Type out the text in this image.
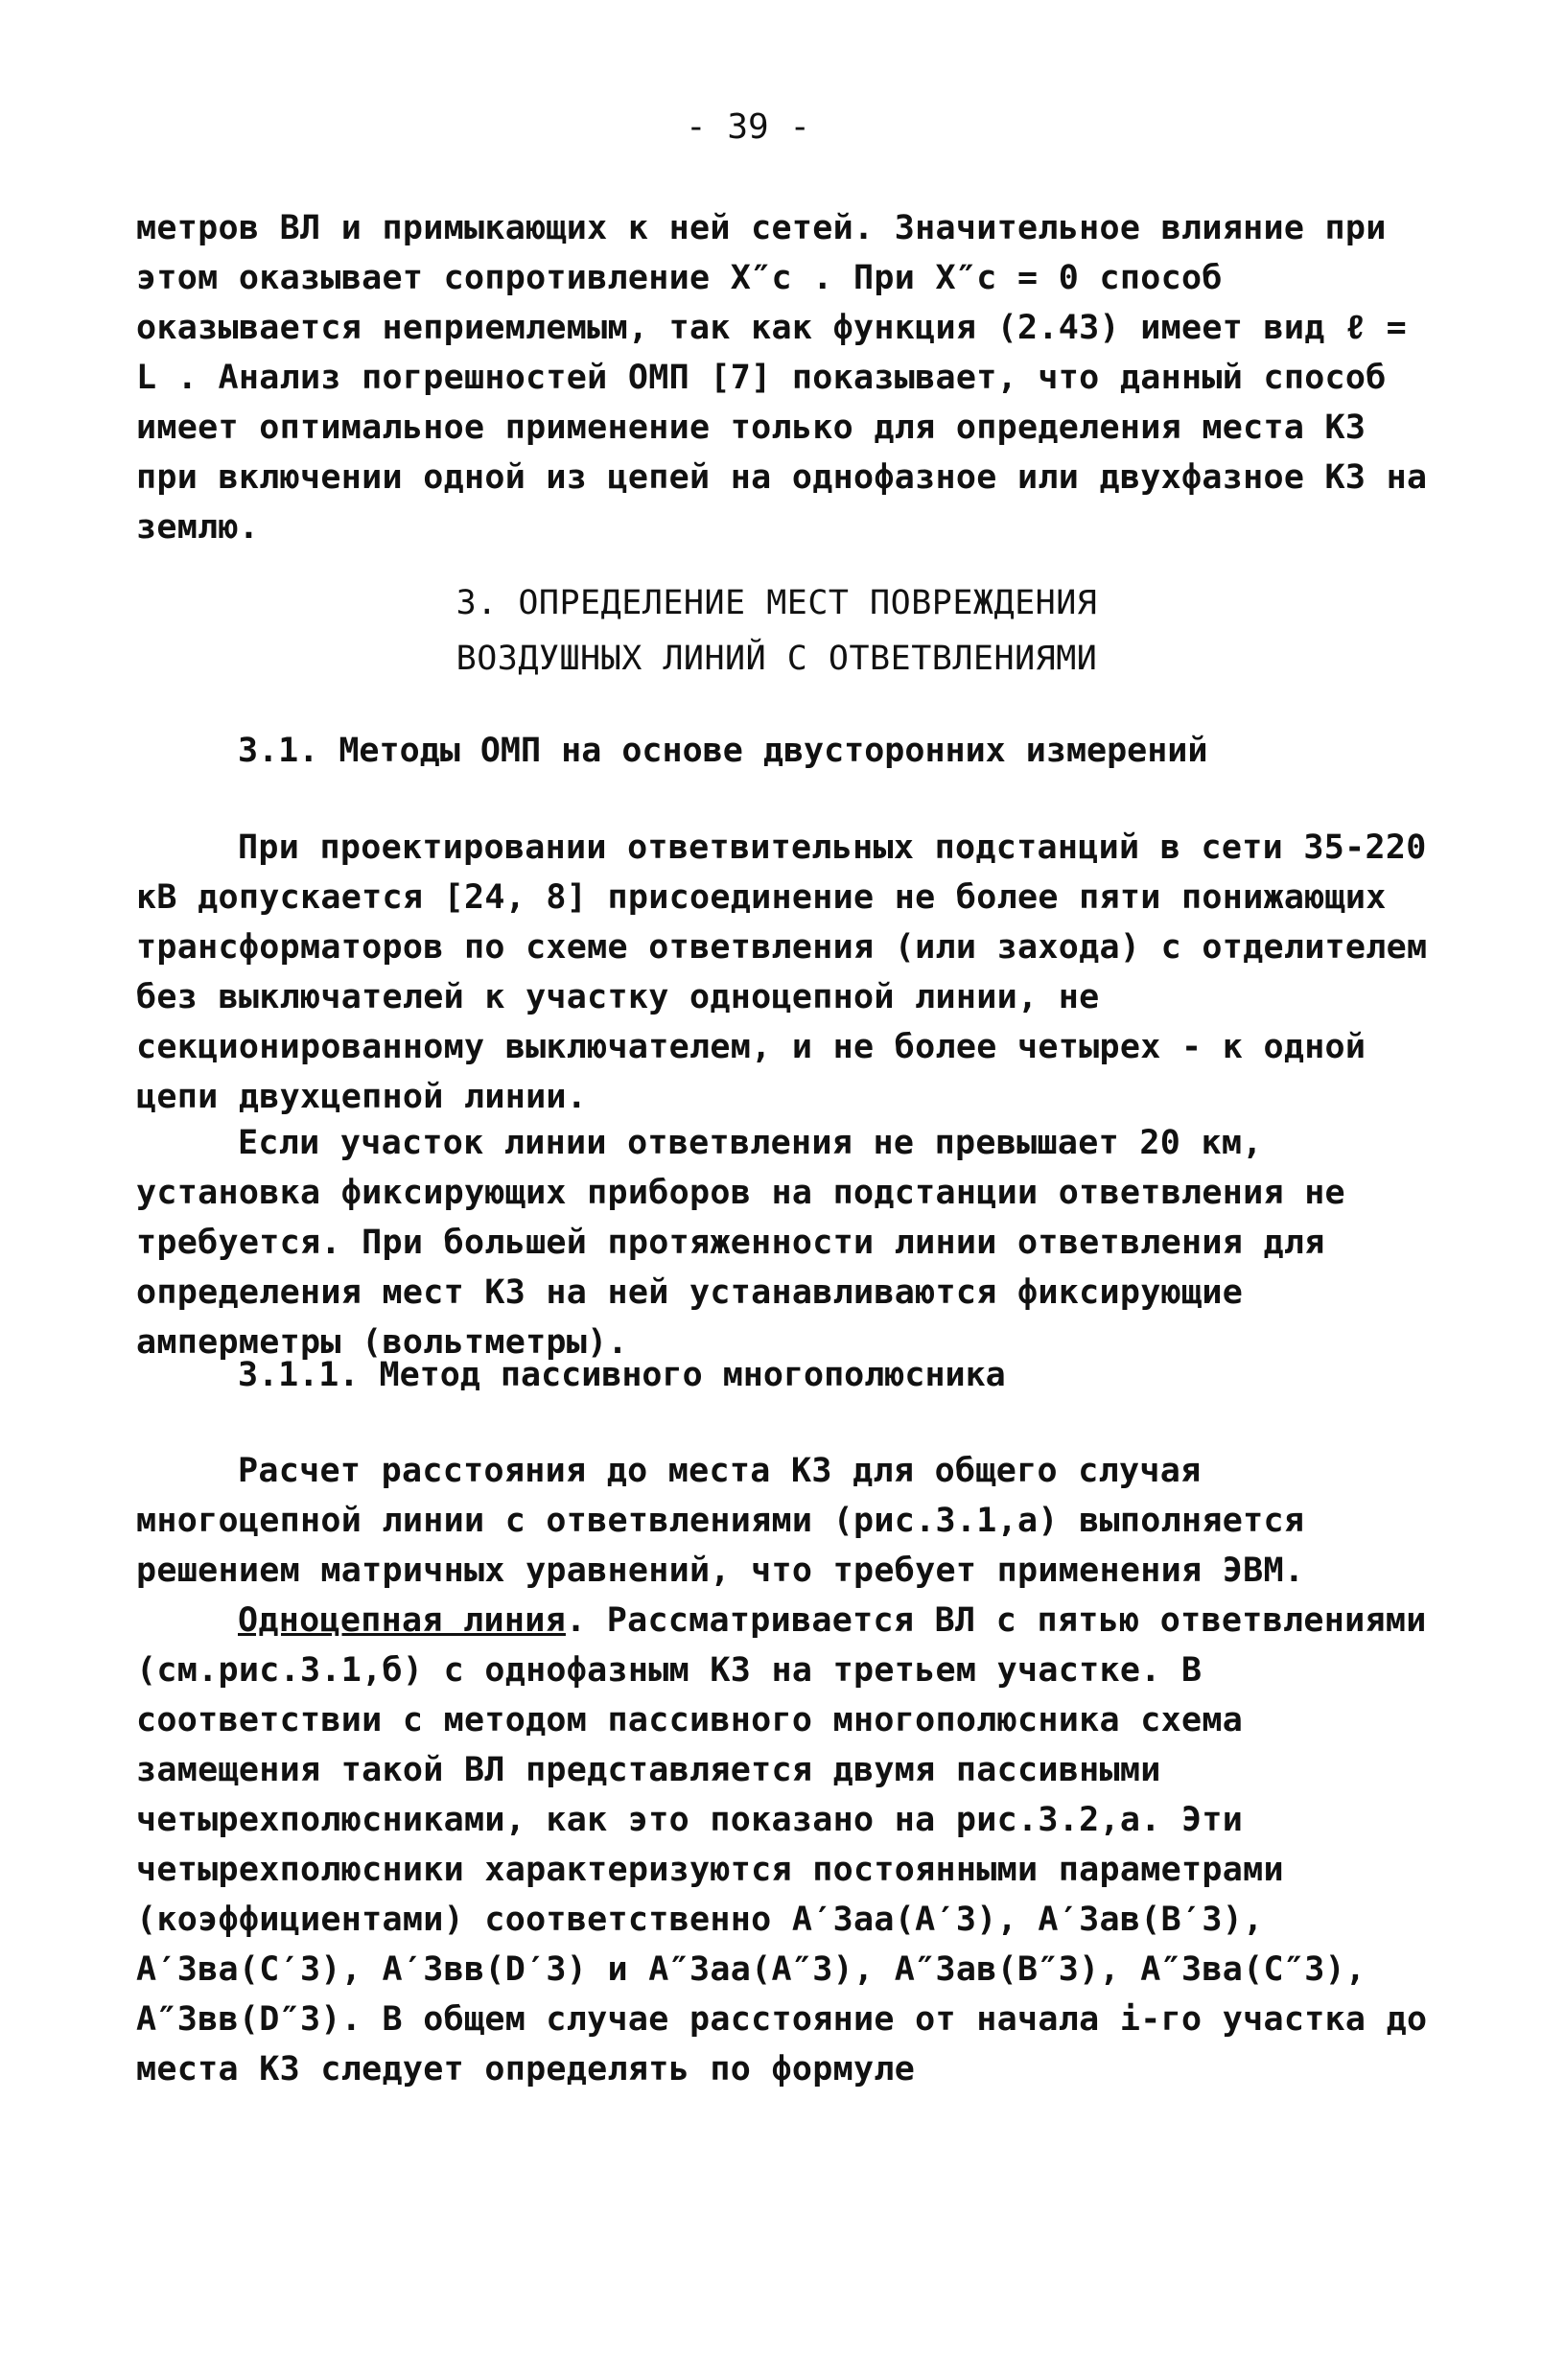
- 39 -

метров ВЛ и примыкающих к ней сетей. Значительное влияние при этом оказывает сопротивление X″c . При X″c = 0 способ оказывается неприемлемым, так как функция (2.43) имеет вид ℓ = L . Анализ погрешностей ОМП [7] показывает, что данный способ имеет оптимальное применение только для определения места КЗ при включении одной из цепей на однофазное или двухфазное КЗ на землю.

3. ОПРЕДЕЛЕНИЕ МЕСТ ПОВРЕЖДЕНИЯ
ВОЗДУШНЫХ ЛИНИЙ С ОТВЕТВЛЕНИЯМИ
3.1. Методы ОМП на основе двусторонних измерений

При проектировании ответвительных подстанций в сети 35-220 кВ допускается [24, 8] присоединение не более пяти понижающих трансформаторов по схеме ответвления (или захода) с отделителем без выключателей к участку одноцепной линии, не секционированному выключателем, и не более четырех - к одной цепи двухцепной линии.

Если участок линии ответвления не превышает 20 км, установка фиксирующих приборов на подстанции ответвления не требуется. При большей протяженности линии ответвления для определения мест КЗ на ней устанавливаются фиксирующие амперметры (вольтметры).

3.1.1. Метод пассивного многополюсника

Расчет расстояния до места КЗ для общего случая многоцепной линии с ответвлениями (рис.3.1,а) выполняется решением матричных уравнений, что требует применения ЭВМ.

Одноцепная линия. Рассматривается ВЛ с пятью ответвлениями (см.рис.3.1,б) с однофазным КЗ на третьем участке. В соответствии с методом пассивного многополюсника схема замещения такой ВЛ представляется двумя пассивными четырехполюсниками, как это показано на рис.3.2,а. Эти четырехполюсники характеризуются постоянными параметрами (коэффициентами) соответственно A′3aa(A′3), A′3aв(B′3), A′3вa(C′3), A′3вв(D′3) и A″3aa(A″3), A″3aв(B″3), A″3вa(C″3), A″3вв(D″3). В общем случае расстояние от начала i-го участка до места КЗ следует определять по формуле
